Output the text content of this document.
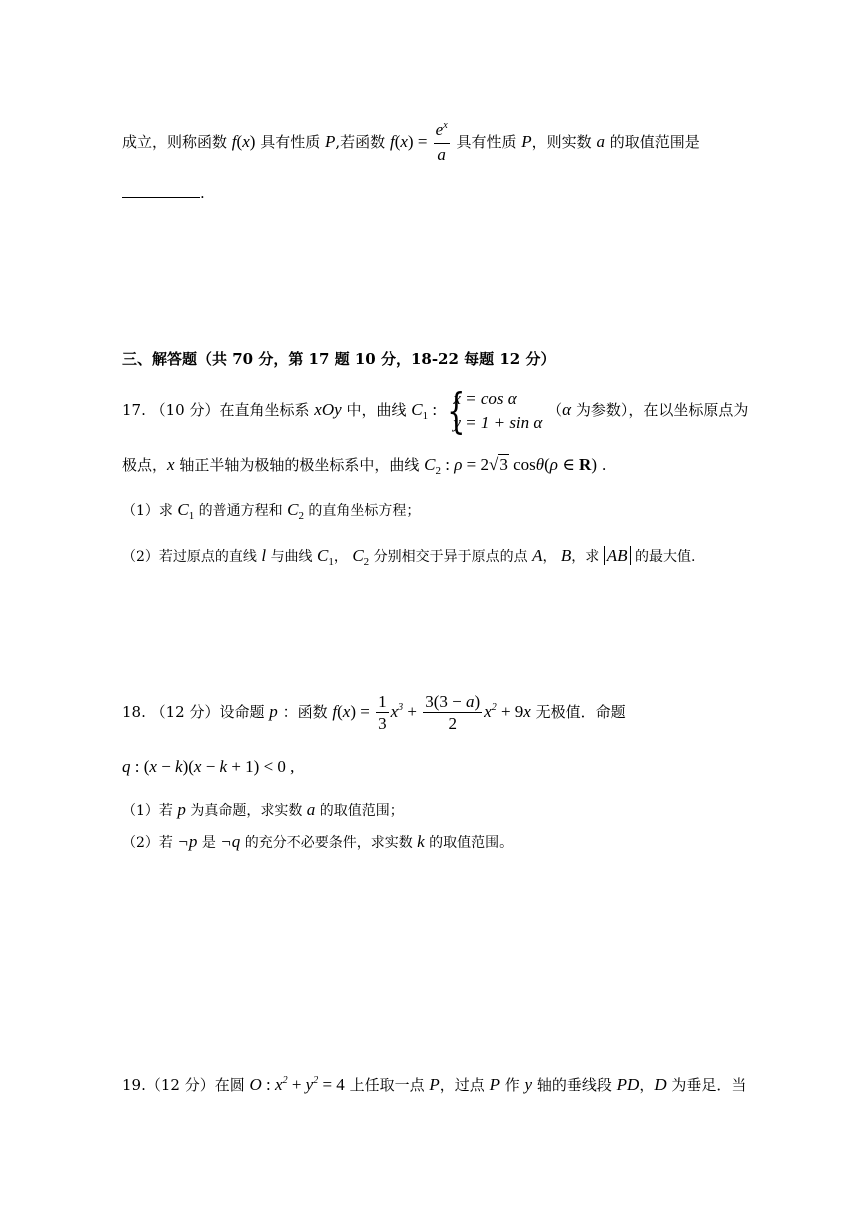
成立，则称函数 f(x) 具有性质 P,若函数 $f(x) = \frac{e^x}{a}$ 具有性质 P，则实数 a 的取值范围是
.
三、解答题（共 70 分，第 17 题 10 分，18-22 每题 12 分）
17. （10 分）在直角坐标系 xOy 中，曲线 $C_1$ : {
x = cos α
y = 1 + sin α
（α 为参数），在以坐标原点为
极点，x 轴正半轴为极轴的极坐标系中，曲线 $C_2$ : ρ = 2√3 cosθ(ρ ∈ R) .
（1）求 $C_1$ 的普通方程和 $C_2$ 的直角坐标方程；
（2）若过原点的直线 l 与曲线 $C_1$， $C_2$ 分别相交于异于原点的点 A， B，求 AB 的最大值.
18. （12 分）设命题 p ：函数 $f(x) = \frac{1}{3} x^3 + \frac{3(3 - a)}{2} x^2 + 9x$ 无极值．命题
q : (x − k)(x − k + 1) < 0 ,
（1）若 p 为真命题，求实数 a 的取值范围；
（2）若 ¬p 是 ¬q 的充分不必要条件，求实数 k 的取值范围。
19.（12 分）在圆 O : $x^2 + y^2 = 4$ 上任取一点 P，过点 P 作 y 轴的垂线段 PD，D 为垂足．当
